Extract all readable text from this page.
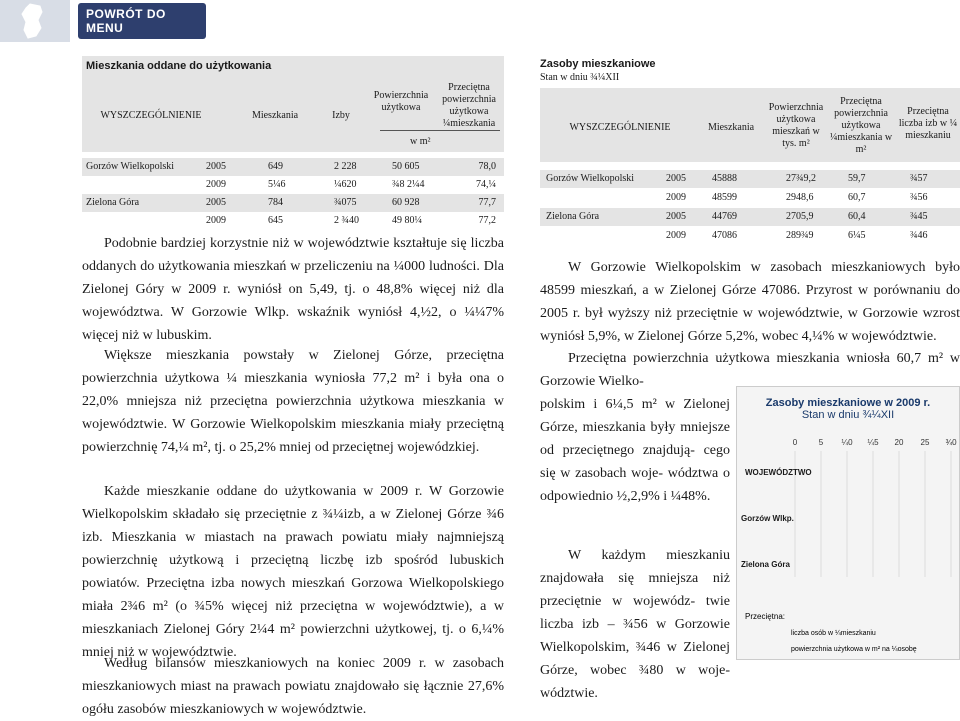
POWRÓT DO MENU
Mieszkania oddane do użytkowania
WYSZCZEGÓLNIENIE	Mieszkania	Izby
Powierzchnia użytkowa
Przeciętna powierzchnia użytkowa ¼mieszkania
w m²
Gorzów Wielkopolski	2005	649	2 228	50 605	78,0
2009	5¼6	¼620	¾8 2¼4	74,¼
Zielona Góra	2005	784	¾075	60 928	77,7
2009	645	2 ¾40	49 80¼	77,2
Podobnie bardziej korzystnie niż w województwie kształtuje się liczba oddanych do użytkowania mieszkań w przeliczeniu na ¼000 ludności. Dla Zielonej Góry w 2009 r. wyniósł on 5,49, tj. o 48,8% więcej niż dla województwa. W Gorzowie Wlkp. wskaźnik wyniósł 4,½2, o ¼¼7% więcej niż w lubuskim.
Większe mieszkania powstały w Zielonej Górze, przeciętna powierzchnia użytkowa ¼ mieszkania wyniosła 77,2 m² i była ona o 22,0% mniejsza niż przeciętna powierzchnia użytkowa mieszkania w województwie. W Gorzowie Wielkopolskim mieszkania miały przeciętną powierzchnię 74,¼ m², tj. o 25,2% mniej od przeciętnej wojewódzkiej.
Każde mieszkanie oddane do użytkowania w 2009 r. W Gorzowie Wielkopolskim składało się przeciętnie z ¾¼izb, a w Zielonej Górze ¾6 izb. Mieszkania w miastach na prawach powiatu miały najmniejszą powierzchnię użytkową i przeciętną liczbę izb spośród lubuskich powiatów. Przeciętna izba nowych mieszkań Gorzowa Wielkopolskiego miała 2¾6 m² (o ¾5% więcej niż przeciętna w województwie), a w mieszkaniach Zielonej Góry 2¼4 m² powierzchni użytkowej, tj. o 6,¼% mniej niż w województwie.
Według bilansów mieszkaniowych na koniec 2009 r. w zasobach mieszkaniowych miast na prawach powiatu znajdowało się łącznie 27,6% ogółu zasobów mieszkaniowych w województwie.
Zasoby mieszkaniowe
Stan w dniu ¾¼XII
WYSZCZEGÓLNIENIE	Mieszkania
Powierzchnia użytkowa mieszkań w tys. m²
Przeciętna powierzchnia użytkowa ¼mieszkania w m²
Przeciętna liczba izb w ¼ mieszkaniu
Gorzów Wielkopolski	2005	45888	27¾9,2	59,7	¾57
2009	48599	2948,6	60,7	¾56
Zielona Góra	2005	44769	2705,9	60,4	¾45
2009	47086	289¾9	6¼5	¾46
W Gorzowie Wielkopolskim w zasobach mieszkaniowych było 48599 mieszkań, a w Zielonej Górze 47086. Przyrost w porównaniu do 2005 r. był wyższy niż przeciętnie w województwie, w Gorzowie wzrost wyniósł 5,9%, w Zielonej Górze 5,2%, wobec 4,¼% w województwie.
Przeciętna powierzchnia użytkowa mieszkania wniosła 60,7 m² w Gorzowie Wielko-
polskim i 6¼,5 m² w Zielonej Górze, mieszkania były mniejsze od przeciętnego znajdują- cego się w zasobach woje- wództwa o odpowiednio ½,2,9% i ¼48%.
W każdym mieszkaniu znajdowała się mniejsza niż przeciętnie w wojewódz- twie liczba izb – ¾56 w Gorzowie Wielkopolskim, ¾46 w Zielonej Górze, wobec ¾80 w woje- wództwie.
Zasoby mieszkaniowe w 2009 r.
Stan w dniu ¾¼XII
0	5 ¼0 ¼5 20 25 ¾0
WOJEWÓDZTWO
Gorzów Wlkp.
Zielona Góra
Przeciętna:
liczba osób w ¼mieszkaniu
powierzchnia użytkowa w m² na ¼osobę
